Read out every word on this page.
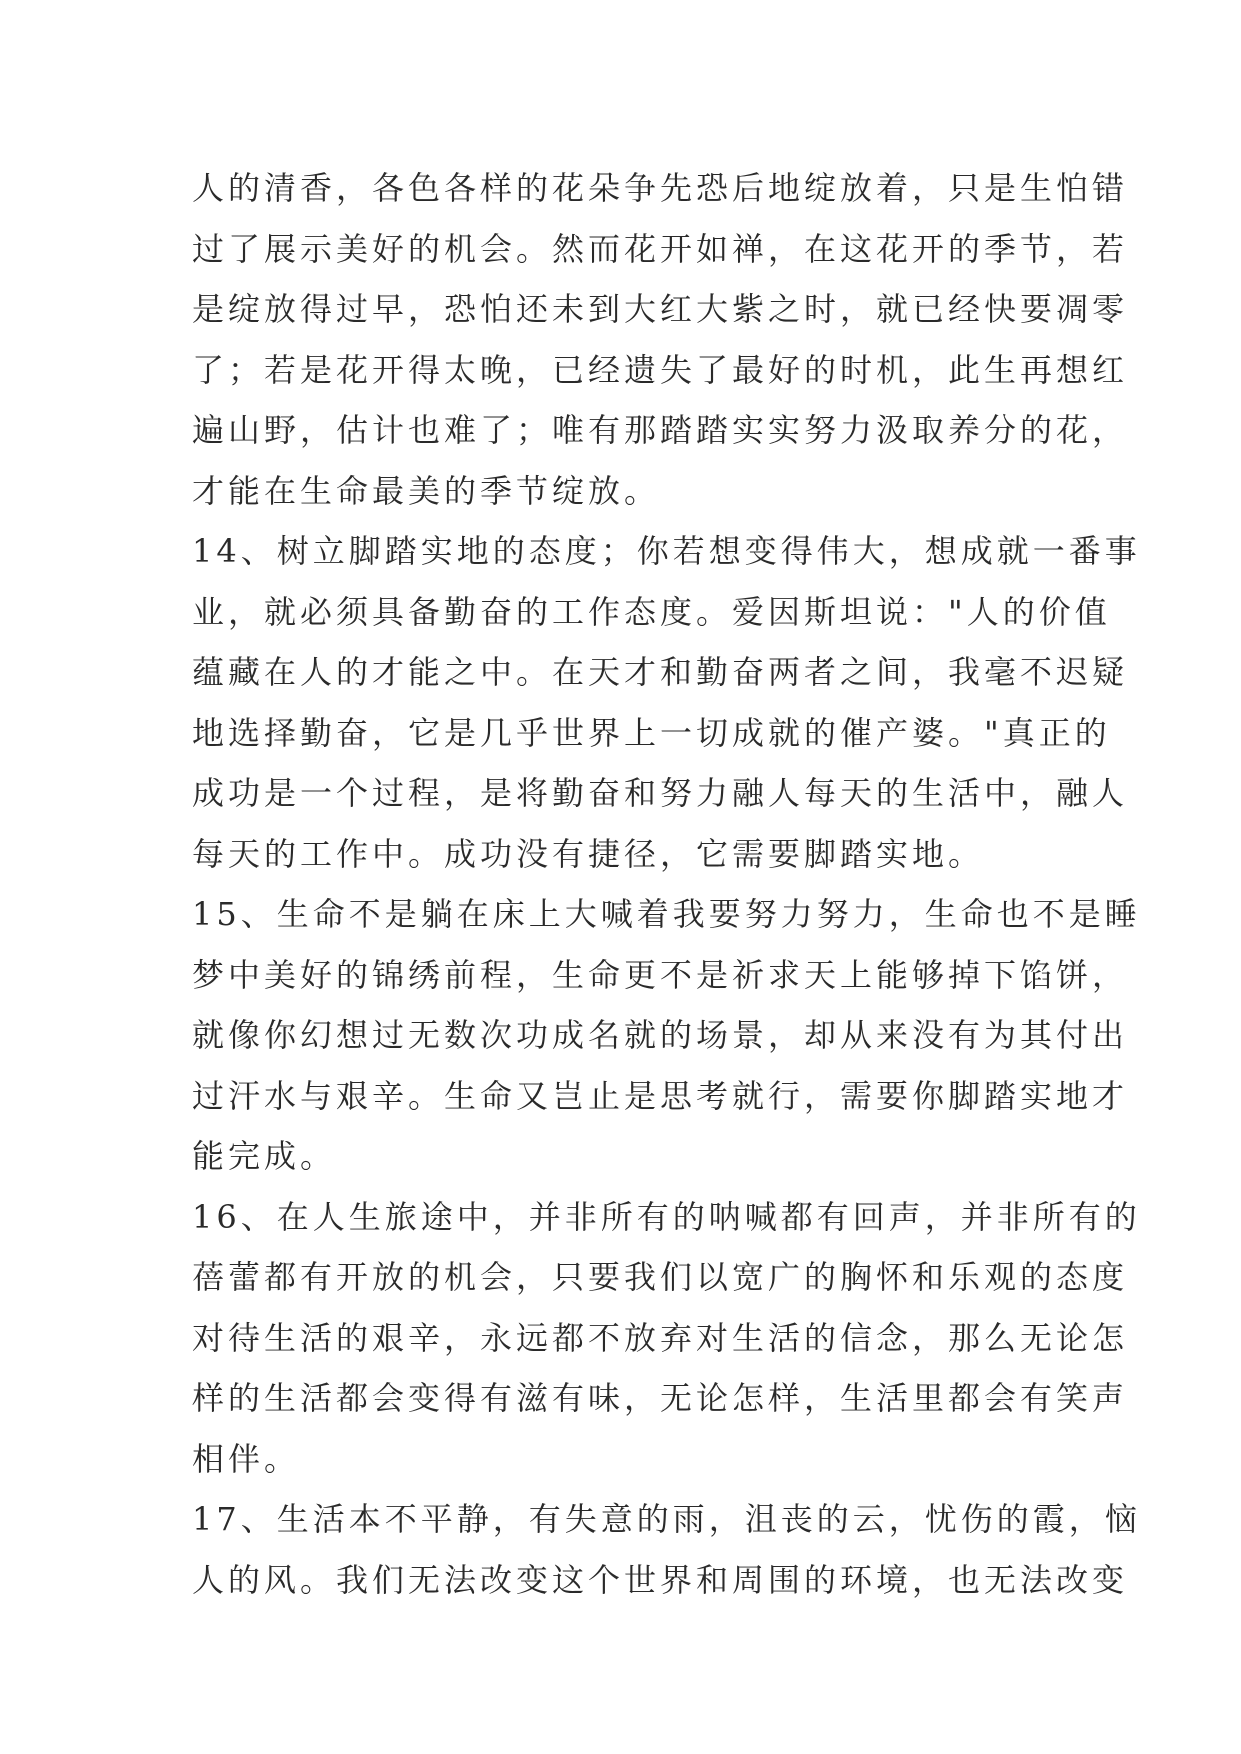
人的清香，各色各样的花朵争先恐后地绽放着，只是生怕错
过了展示美好的机会。然而花开如禅，在这花开的季节，若
是绽放得过早，恐怕还未到大红大紫之时，就已经快要凋零
了；若是花开得太晚，已经遗失了最好的时机，此生再想红
遍山野，估计也难了；唯有那踏踏实实努力汲取养分的花，
才能在生命最美的季节绽放。
14、树立脚踏实地的态度；你若想变得伟大，想成就一番事
业，就必须具备勤奋的工作态度。爱因斯坦说："人的价值
蕴藏在人的才能之中。在天才和勤奋两者之间，我毫不迟疑
地选择勤奋，它是几乎世界上一切成就的催产婆。"真正的
成功是一个过程，是将勤奋和努力融人每天的生活中，融人
每天的工作中。成功没有捷径，它需要脚踏实地。
15、生命不是躺在床上大喊着我要努力努力，生命也不是睡
梦中美好的锦绣前程，生命更不是祈求天上能够掉下馅饼，
就像你幻想过无数次功成名就的场景，却从来没有为其付出
过汗水与艰辛。生命又岂止是思考就行，需要你脚踏实地才
能完成。
16、在人生旅途中，并非所有的呐喊都有回声，并非所有的
蓓蕾都有开放的机会，只要我们以宽广的胸怀和乐观的态度
对待生活的艰辛，永远都不放弃对生活的信念，那么无论怎
样的生活都会变得有滋有味，无论怎样，生活里都会有笑声
相伴。
17、生活本不平静，有失意的雨，沮丧的云，忧伤的霞，恼
人的风。我们无法改变这个世界和周围的环境，也无法改变
